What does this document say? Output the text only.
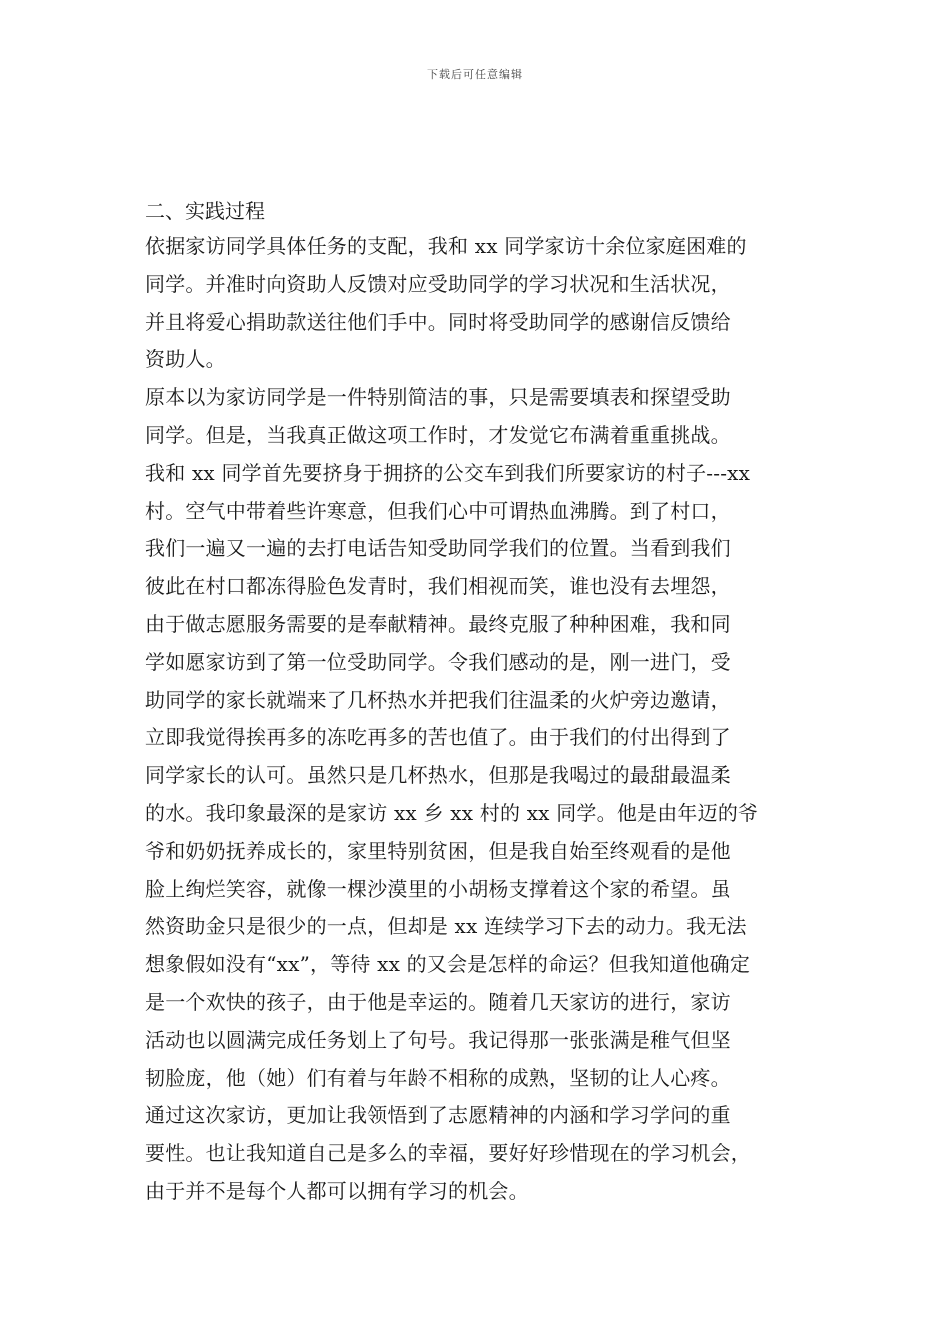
下载后可任意编辑
二、实践过程
依据家访同学具体任务的支配，我和 xx 同学家访十余位家庭困难的
同学。并准时向资助人反馈对应受助同学的学习状况和生活状况，
并且将爱心捐助款送往他们手中。同时将受助同学的感谢信反馈给
资助人。
原本以为家访同学是一件特别简洁的事，只是需要填表和探望受助
同学。但是，当我真正做这项工作时，才发觉它布满着重重挑战。
我和 xx 同学首先要挤身于拥挤的公交车到我们所要家访的村子---xx
村。空气中带着些许寒意，但我们心中可谓热血沸腾。到了村口，
我们一遍又一遍的去打电话告知受助同学我们的位置。当看到我们
彼此在村口都冻得脸色发青时，我们相视而笑，谁也没有去埋怨，
由于做志愿服务需要的是奉献精神。最终克服了种种困难，我和同
学如愿家访到了第一位受助同学。令我们感动的是，刚一进门，受
助同学的家长就端来了几杯热水并把我们往温柔的火炉旁边邀请，
立即我觉得挨再多的冻吃再多的苦也值了。由于我们的付出得到了
同学家长的认可。虽然只是几杯热水，但那是我喝过的最甜最温柔
的水。我印象最深的是家访 xx 乡 xx 村的 xx 同学。他是由年迈的爷
爷和奶奶抚养成长的，家里特别贫困，但是我自始至终观看的是他
脸上绚烂笑容，就像一棵沙漠里的小胡杨支撑着这个家的希望。虽
然资助金只是很少的一点，但却是 xx 连续学习下去的动力。我无法
想象假如没有“xx”，等待 xx 的又会是怎样的命运？但我知道他确定
是一个欢快的孩子，由于他是幸运的。随着几天家访的进行，家访
活动也以圆满完成任务划上了句号。我记得那一张张满是稚气但坚
韧脸庞，他（她）们有着与年龄不相称的成熟，坚韧的让人心疼。
通过这次家访，更加让我领悟到了志愿精神的内涵和学习学问的重
要性。也让我知道自己是多么的幸福，要好好珍惜现在的学习机会，
由于并不是每个人都可以拥有学习的机会。
